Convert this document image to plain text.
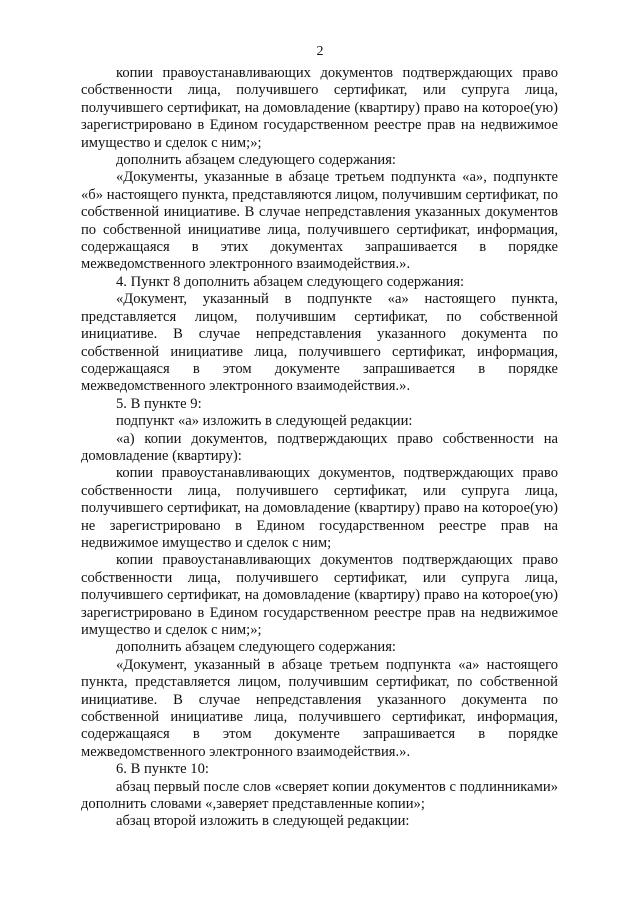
2

копии правоустанавливающих документов подтверждающих право собственности лица, получившего сертификат, или супруга лица, получившего сертификат, на домовладение (квартиру) право на которое(ую) зарегистрировано в Едином государственном реестре прав на недвижимое имущество и сделок с ним;»;

дополнить абзацем следующего содержания:

«Документы, указанные в абзаце третьем подпункта «а», подпункте «б» настоящего пункта, представляются лицом, получившим сертификат, по собственной инициативе. В случае непредставления указанных документов по собственной инициативе лица, получившего сертификат, информация, содержащаяся в этих документах запрашивается в порядке межведомственного электронного взаимодействия.».

4. Пункт 8 дополнить абзацем следующего содержания:

«Документ, указанный в подпункте «а» настоящего пункта, представляется лицом, получившим сертификат, по собственной инициативе. В случае непредставления указанного документа по собственной инициативе лица, получившего сертификат, информация, содержащаяся в этом документе запрашивается в порядке межведомственного электронного взаимодействия.».

5. В пункте 9:

подпункт «а» изложить в следующей редакции:

«а) копии документов, подтверждающих право собственности на домовладение (квартиру):

копии правоустанавливающих документов, подтверждающих право собственности лица, получившего сертификат, или супруга лица, получившего сертификат, на домовладение (квартиру) право на которое(ую) не зарегистрировано в Едином государственном реестре прав на недвижимое имущество и сделок с ним;

копии правоустанавливающих документов подтверждающих право собственности лица, получившего сертификат, или супруга лица, получившего сертификат, на домовладение (квартиру) право на которое(ую) зарегистрировано в Едином государственном реестре прав на недвижимое имущество и сделок с ним;»;

дополнить абзацем следующего содержания:

«Документ, указанный в абзаце третьем подпункта «а» настоящего пункта, представляется лицом, получившим сертификат, по собственной инициативе. В случае непредставления указанного документа по собственной инициативе лица, получившего сертификат, информация, содержащаяся в этом документе запрашивается в порядке межведомственного электронного взаимодействия.».

6. В пункте 10:

абзац первый после слов «сверяет копии документов с подлинниками» дополнить словами «,заверяет представленные копии»;

абзац второй изложить в следующей редакции:
